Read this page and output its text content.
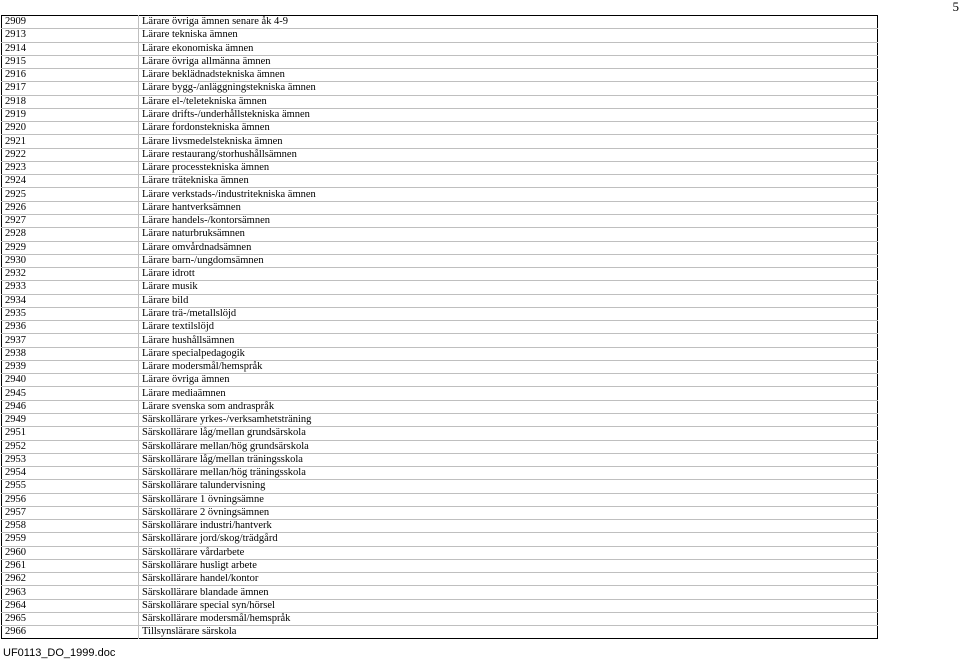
5
2909	Lärare övriga ämnen senare åk 4-9
2913	Lärare tekniska ämnen
2914	Lärare ekonomiska ämnen
2915	Lärare övriga allmänna ämnen
2916	Lärare beklädnadstekniska ämnen
2917	Lärare bygg-/anläggningstekniska ämnen
2918	Lärare el-/teletekniska ämnen
2919	Lärare drifts-/underhållstekniska ämnen
2920	Lärare fordonstekniska ämnen
2921	Lärare livsmedelstekniska ämnen
2922	Lärare restaurang/storhushållsämnen
2923	Lärare processtekniska ämnen
2924	Lärare trätekniska ämnen
2925	Lärare verkstads-/industritekniska ämnen
2926	Lärare hantverksämnen
2927	Lärare handels-/kontorsämnen
2928	Lärare naturbruksämnen
2929	Lärare omvårdnadsämnen
2930	Lärare barn-/ungdomsämnen
2932	Lärare idrott
2933	Lärare musik
2934	Lärare bild
2935	Lärare trä-/metallslöjd
2936	Lärare textilslöjd
2937	Lärare hushållsämnen
2938	Lärare specialpedagogik
2939	Lärare modersmål/hemspråk
2940	Lärare övriga ämnen
2945	Lärare mediaämnen
2946	Lärare svenska som andraspråk
2949	Särskollärare yrkes-/verksamhetsträning
2951	Särskollärare låg/mellan grundsärskola
2952	Särskollärare mellan/hög grundsärskola
2953	Särskollärare låg/mellan träningsskola
2954	Särskollärare mellan/hög träningsskola
2955	Särskollärare talundervisning
2956	Särskollärare 1 övningsämne
2957	Särskollärare 2 övningsämnen
2958	Särskollärare industri/hantverk
2959	Särskollärare jord/skog/trädgård
2960	Särskollärare vårdarbete
2961	Särskollärare husligt arbete
2962	Särskollärare handel/kontor
2963	Särskollärare blandade ämnen
2964	Särskollärare special syn/hörsel
2965	Särskollärare modersmål/hemspråk
2966	Tillsynslärare särskola
UF0113_DO_1999.doc
